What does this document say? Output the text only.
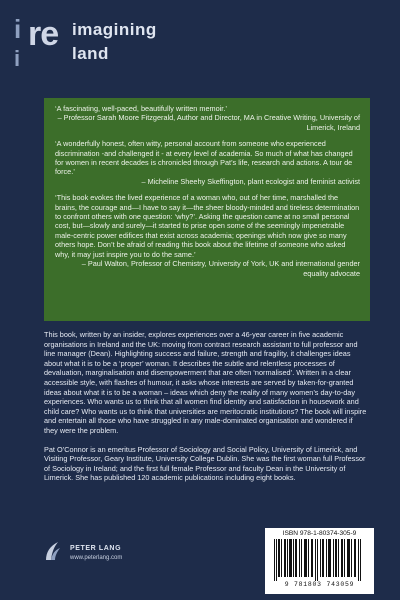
i re imagining
i	land
‘A fascinating, well-paced, beautifully written memoir.’
– Professor Sarah Moore Fitzgerald, Author and Director, MA in Creative Writing, University of Limerick, Ireland
‘A wonderfully honest, often witty, personal account from someone who experienced discrimination -and challenged it - at every level of academia. So much of what has changed for women in recent decades is chronicled through Pat’s life, research and actions. A tour de force.’
– Micheline Sheehy Skeffington, plant ecologist and feminist activist
‘This book evokes the lived experience of a woman who, out of her time, marshalled the brains, the courage and—I have to say it—the sheer bloody-minded and tireless determination to confront others with one question: ‘why?’. Asking the question came at no small personal cost, but—slowly and surely—it started to prise open some of the seemingly impenetrable male-centric power edifices that exist across academia; openings which now give so many others hope. Don’t be afraid of reading this book about the lifetime of someone who asked why, it may just inspire you to do the same.’
– Paul Walton, Professor of Chemistry, University of York, UK and international gender equality advocate

This book, written by an insider, explores experiences over a 46-year career in five academic organisations in Ireland and the UK: moving from contract research assistant to full professor and line manager (Dean). Highlighting success and failure, strength and fragility, it challenges ideas about what it is to be a ‘proper’ woman. It describes the subtle and relentless processes of devaluation, marginalisation and disempowerment that are often ‘normalised’. Written in a clear accessible style, with flashes of humour, it asks whose interests are served by taken-for-granted ideas about what it is to be a woman – ideas which deny the reality of many women’s day-to-day experiences. Who wants us to think that all women find identity and satisfaction in housework and child care? Who wants us to think that universities are meritocratic institutions? The book will inspire and entertain all those who have struggled in any male-dominated organisation and wondered if they were the problem.

Pat O’Connor is an emeritus Professor of Sociology and Social Policy, University of Limerick, and Visiting Professor, Geary Institute, University College Dublin. She was the first woman full Professor of Sociology in Ireland; and the first full female Professor and faculty Dean in the University of Limerick. She has published 120 academic publications including eight books.

PETER LANG
www.peterlang.com
ISBN 978-1-80374-305-9
9 781803 743059
